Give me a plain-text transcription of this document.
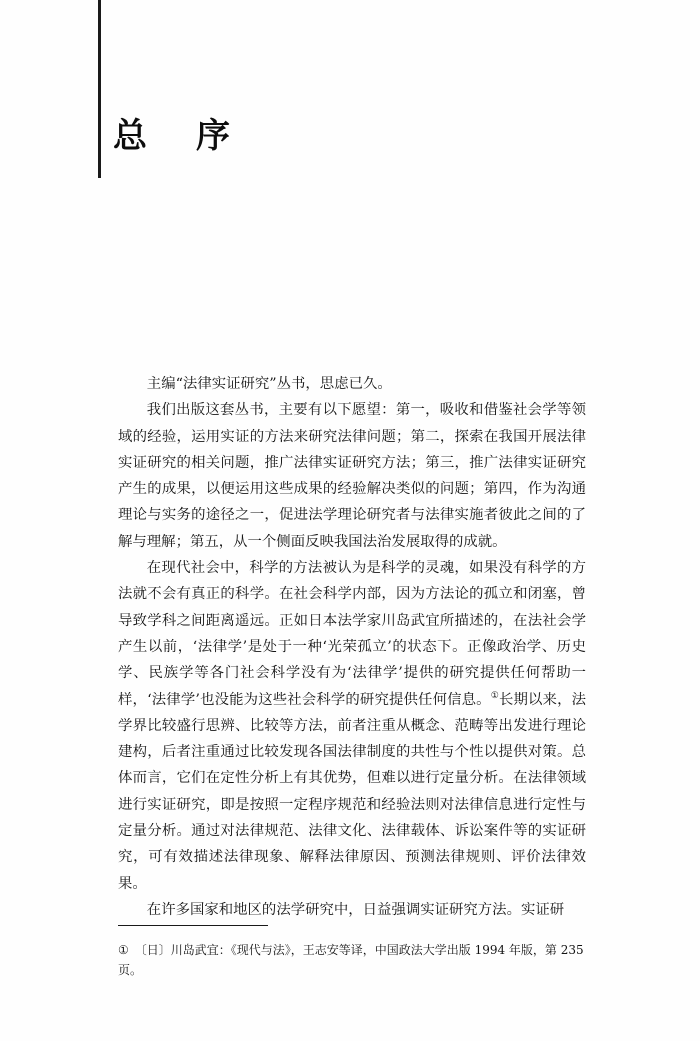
总　序

主编“法律实证研究”丛书，思虑已久。

我们出版这套丛书，主要有以下愿望：第一，吸收和借鉴社会学等领域的经验，运用实证的方法来研究法律问题；第二，探索在我国开展法律实证研究的相关问题，推广法律实证研究方法；第三，推广法律实证研究产生的成果，以便运用这些成果的经验解决类似的问题；第四，作为沟通理论与实务的途径之一，促进法学理论研究者与法律实施者彼此之间的了解与理解；第五，从一个侧面反映我国法治发展取得的成就。

在现代社会中，科学的方法被认为是科学的灵魂，如果没有科学的方法就不会有真正的科学。在社会科学内部，因为方法论的孤立和闭塞，曾导致学科之间距离遥远。正如日本法学家川岛武宜所描述的，在法社会学产生以前，‘法律学’是处于一种‘光荣孤立’的状态下。正像政治学、历史学、民族学等各门社会科学没有为‘法律学’提供的研究提供任何帮助一样，‘法律学’也没能为这些社会科学的研究提供任何信息。①长期以来，法学界比较盛行思辨、比较等方法，前者注重从概念、范畴等出发进行理论建构，后者注重通过比较发现各国法律制度的共性与个性以提供对策。总体而言，它们在定性分析上有其优势，但难以进行定量分析。在法律领域进行实证研究，即是按照一定程序规范和经验法则对法律信息进行定性与定量分析。通过对法律规范、法律文化、法律载体、诉讼案件等的实证研究，可有效描述法律现象、解释法律原因、预测法律规则、评价法律效果。

在许多国家和地区的法学研究中，日益强调实证研究方法。实证研

① 〔日〕川岛武宜：《现代与法》，王志安等译，中国政法大学出版 1994 年版，第 235 页。
